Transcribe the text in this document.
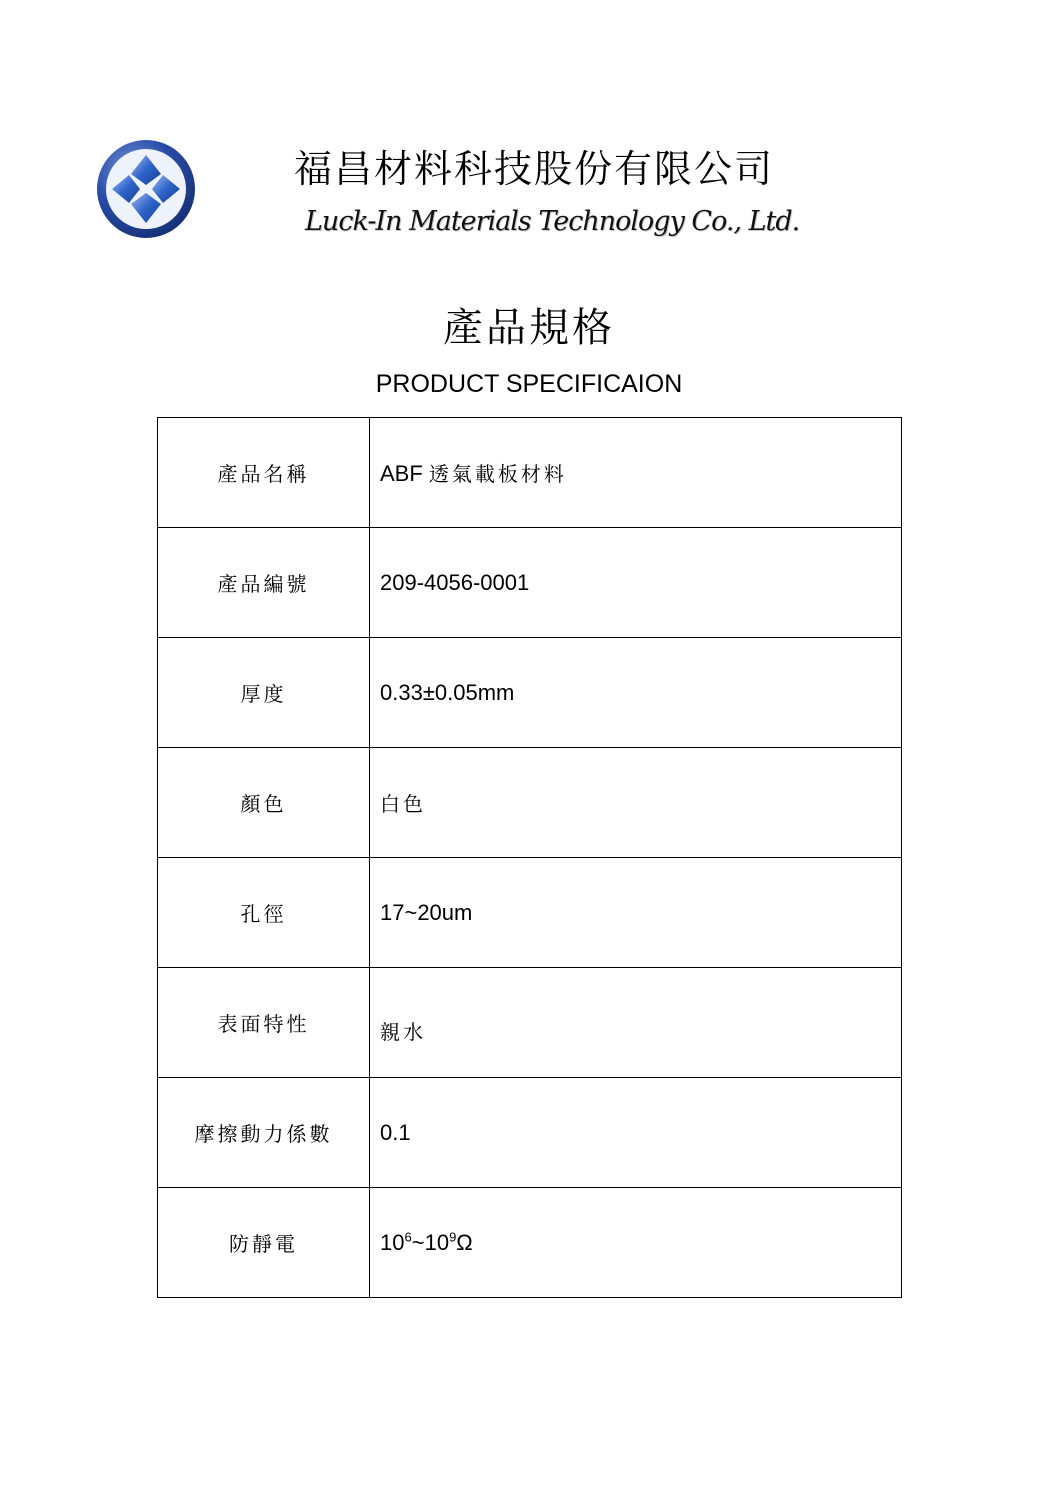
福昌材料科技股份有限公司
Luck-In Materials Technology Co., Ltd.
產品規格
PRODUCT SPECIFICAION
產品名稱	ABF 透氣載板材料
產品編號	209-4056-0001
厚度	0.33±0.05mm
顏色	白色
孔徑	17~20um
表面特性	親水
摩擦動力係數	0.1
防靜電	$10^6\sim 10^9\Omega$
